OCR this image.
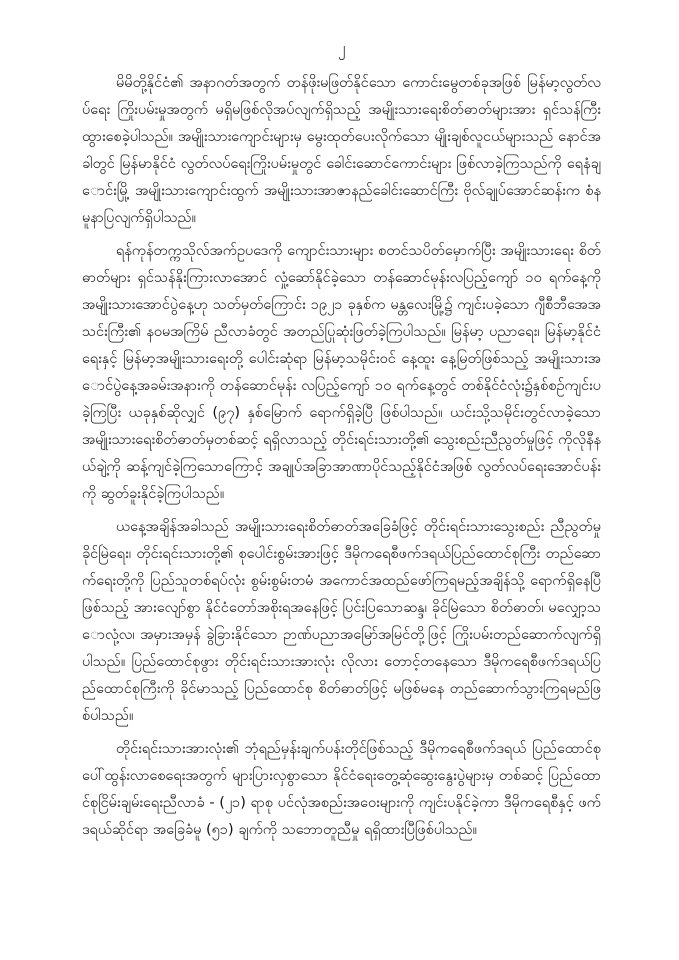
၂

မိမိတို့နိုင်ငံ၏ အနာဂတ်အတွက် တန်ဖိုးမဖြတ်နိုင်သော ကောင်းမွေတစ်ခုအဖြစ် မြန်မာ့လွတ်လပ်ရေး ကြိုးပမ်းမှုအတွက် မရှိမဖြစ်လိုအပ်လျက်ရှိသည့် အမျိုးသားရေးစိတ်ဓာတ်များအား ရှင်သန်ကြီးထွားစေခဲ့ပါသည်။ အမျိုးသားကျောင်းများမှ မွေးထုတ်ပေးလိုက်သော မျိုးချစ်လူငယ်များသည် နောင်အခါတွင် မြန်မာနိုင်ငံ လွတ်လပ်ရေးကြိုးပမ်းမှုတွင် ခေါင်းဆောင်ကောင်းများ ဖြစ်လာခဲ့ကြသည်ကို ရေနံချောင်းမြို့ အမျိုးသားကျောင်းထွက် အမျိုးသားအာဇာနည်ခေါင်းဆောင်ကြီး ဗိုလ်ချုပ်အောင်ဆန်းက စံနမူနာပြလျက်ရှိပါသည်။

ရန်ကုန်တက္ကသိုလ်အက်ဥပဒေကို ကျောင်းသားများ စတင်သပိတ်မှောက်ပြီး အမျိုးသားရေး စိတ်ဓာတ်များ ရှင်သန်နိုးကြားလာအောင် လှုံ့ဆော်နိုင်ခဲ့သော တန်ဆောင်မုန်းလပြည့်ကျော် ၁၀ ရက်နေ့ကို အမျိုးသားအောင်ပွဲနေ့ဟု သတ်မှတ်ကြောင်း ၁၉၂၁ ခုနှစ်က မန္တလေးမြို့၌ ကျင်းပခဲ့သော ဂျီစီဘီအေအသင်းကြီး၏ နဝမအကြိမ် ညီလာခံတွင် အတည်ပြုဆုံးဖြတ်ခဲ့ကြပါသည်။ မြန်မာ့ ပညာရေး၊ မြန်မာ့နိုင်ငံရေးနှင့် မြန်မာ့အမျိုးသားရေးတို့ ပေါင်းဆုံရာ မြန်မာ့သမိုင်းဝင် နေ့ထူး နေ့မြတ်ဖြစ်သည့် အမျိုးသားအောင်ပွဲနေ့အခမ်းအနားကို တန်ဆောင်မုန်း လပြည့်ကျော် ၁၀ ရက်နေ့တွင် တစ်နိုင်ငံလုံး၌နှစ်စဉ်ကျင်းပခဲ့ကြပြီး ယခုနှစ်ဆိုလျှင် (၉၇) နှစ်မြောက် ရောက်ရှိခဲ့ပြီ ဖြစ်ပါသည်။ ယင်းသို့သမိုင်းတွင်လာခဲ့သော အမျိုးသားရေးစိတ်ဓာတ်မှတစ်ဆင့် ရရှိလာသည့် တိုင်းရင်းသားတို့၏ သွေးစည်းညီညွတ်မှုဖြင့် ကိုလိုနီနယ်ချဲ့ကို ဆန့်ကျင်ခဲ့ကြသောကြောင့် အချုပ်အခြာအာဏာပိုင်သည့်နိုင်ငံအဖြစ် လွတ်လပ်ရေးအောင်ပန်းကို ဆွတ်ခူးနိုင်ခဲ့ကြပါသည်။

ယနေ့အချိန်အခါသည် အမျိုးသားရေးစိတ်ဓာတ်အခြေခံဖြင့် တိုင်းရင်းသားသွေးစည်း ညီညွတ်မှုခိုင်မြဲရေး၊ တိုင်းရင်းသားတို့၏ စုပေါင်းစွမ်းအားဖြင့် ဒီမိုကရေစီဖက်ဒရယ်ပြည်ထောင်စုကြီး တည်ဆောက်ရေးတို့ကို ပြည်သူတစ်ရပ်လုံး စွမ်းစွမ်းတမံ အကောင်အထည်ဖော်ကြရမည့်အချိန်သို့ ရောက်ရှိနေပြီဖြစ်သည့် အားလျော်စွာ နိုင်ငံတော်အစိုးရအနေဖြင့် ပြင်းပြသောဆန္ဒ၊ ခိုင်မြဲသော စိတ်ဓာတ်၊ မလျှော့သောလုံ့လ၊ အမှားအမှန် ခွဲခြားနိုင်သော ဉာဏ်ပညာအမြော်အမြင်တို့ဖြင့် ကြိုးပမ်းတည်ဆောက်လျက်ရှိပါသည်။ ပြည်ထောင်စုဖွား တိုင်းရင်းသားအားလုံး လိုလား တောင့်တနေသော ဒီမိုကရေစီဖက်ဒရယ်ပြည်ထောင်စုကြီးကို ခိုင်မာသည့် ပြည်ထောင်စု စိတ်ဓာတ်ဖြင့် မဖြစ်မနေ တည်ဆောက်သွားကြရမည်ဖြစ်ပါသည်။

တိုင်းရင်းသားအားလုံး၏ ဘုံရည်မှန်းချက်ပန်းတိုင်ဖြစ်သည့် ဒီမိုကရေစီဖက်ဒရယ် ပြည်ထောင်စု ပေါ်ထွန်းလာစေရေးအတွက် များပြားလှစွာသော နိုင်ငံရေးတွေ့ဆုံဆွေးနွေးပွဲများမှ တစ်ဆင့် ပြည်ထောင်စုငြိမ်းချမ်းရေးညီလာခံ - (၂၁) ရာစု ပင်လုံအစည်းအဝေးများကို ကျင်းပနိုင်ခဲ့ကာ ဒီမိုကရေစီနှင့် ဖက်ဒရယ်ဆိုင်ရာ အခြေခံမူ (၅၁) ချက်ကို သဘောတူညီမှု ရရှိထားပြီဖြစ်ပါသည်။
